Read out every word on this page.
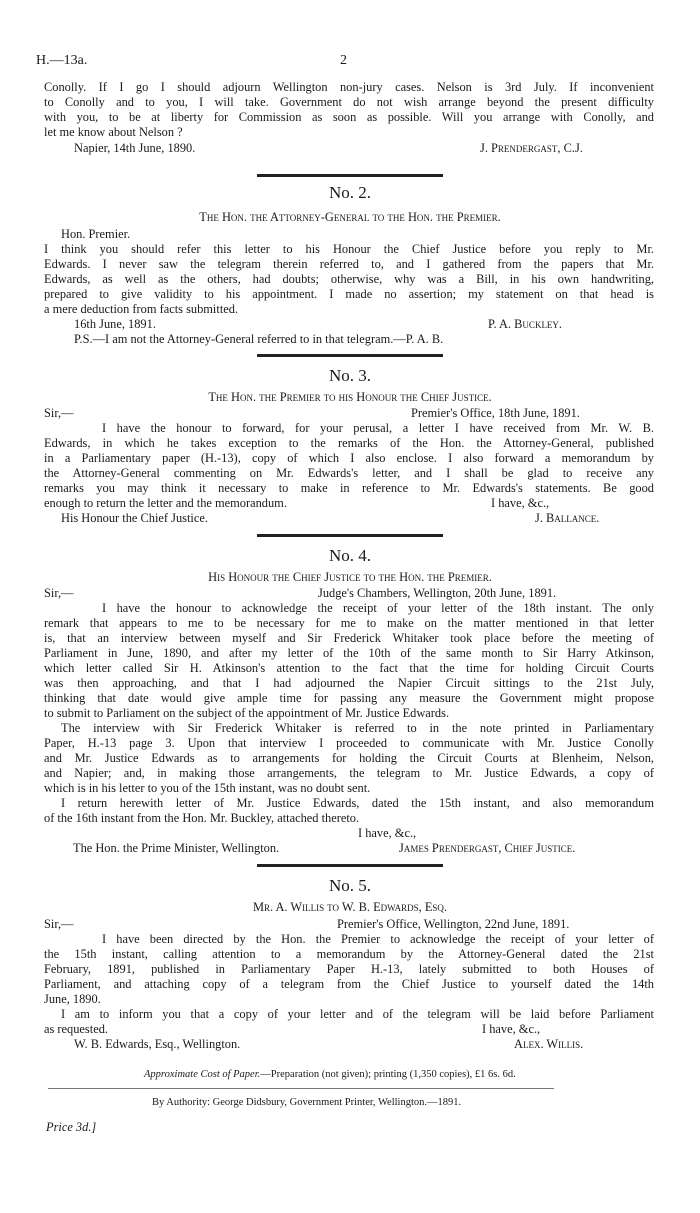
H.—13a.	2
Conolly. If I go I should adjourn Wellington non-jury cases. Nelson is 3rd July. If inconvenient
to Conolly and to you, I will take. Government do not wish arrange beyond the present difficulty
with you, to be at liberty for Commission as soon as possible. Will you arrange with Conolly, and
let me know about Nelson ?
Napier, 14th June, 1890.	J. Prendergast, C.J.
No. 2.
The Hon. the Attorney-General to the Hon. the Premier.
Hon. Premier.
I think you should refer this letter to his Honour the Chief Justice before you reply to Mr.
Edwards. I never saw the telegram therein referred to, and I gathered from the papers that Mr.
Edwards, as well as the others, had doubts; otherwise, why was a Bill, in his own handwriting,
prepared to give validity to his appointment. I made no assertion; my statement on that head is
a mere deduction from facts submitted.
16th June, 1891.	P. A. Buckley.
P.S.—I am not the Attorney-General referred to in that telegram.—P. A. B.
No. 3.
The Hon. the Premier to his Honour the Chief Justice.
Sir,—	Premier's Office, 18th June, 1891.
I have the honour to forward, for your perusal, a letter I have received from Mr. W. B.
Edwards, in which he takes exception to the remarks of the Hon. the Attorney-General, published
in a Parliamentary paper (H.-13), copy of which I also enclose. I also forward a memorandum by
the Attorney-General commenting on Mr. Edwards's letter, and I shall be glad to receive any
remarks you may think it necessary to make in reference to Mr. Edwards's statements. Be good
enough to return the letter and the memorandum.	I have, &c.,
His Honour the Chief Justice.	J. Ballance.
No. 4.
His Honour the Chief Justice to the Hon. the Premier.
Sir,—	Judge's Chambers, Wellington, 20th June, 1891.
I have the honour to acknowledge the receipt of your letter of the 18th instant. The only
remark that appears to me to be necessary for me to make on the matter mentioned in that letter
is, that an interview between myself and Sir Frederick Whitaker took place before the meeting of
Parliament in June, 1890, and after my letter of the 10th of the same month to Sir Harry Atkinson,
which letter called Sir H. Atkinson's attention to the fact that the time for holding Circuit Courts
was then approaching, and that I had adjourned the Napier Circuit sittings to the 21st July,
thinking that date would give ample time for passing any measure the Government might propose
to submit to Parliament on the subject of the appointment of Mr. Justice Edwards.
The interview with Sir Frederick Whitaker is referred to in the note printed in Parliamentary
Paper, H.-13 page 3. Upon that interview I proceeded to communicate with Mr. Justice Conolly
and Mr. Justice Edwards as to arrangements for holding the Circuit Courts at Blenheim, Nelson,
and Napier; and, in making those arrangements, the telegram to Mr. Justice Edwards, a copy of
which is in his letter to you of the 15th instant, was no doubt sent.
I return herewith letter of Mr. Justice Edwards, dated the 15th instant, and also memorandum
of the 16th instant from the Hon. Mr. Buckley, attached thereto.
I have, &c.,
The Hon. the Prime Minister, Wellington.	James Prendergast, Chief Justice.
No. 5.
Mr. A. Willis to W. B. Edwards, Esq.
Sir,—	Premier's Office, Wellington, 22nd June, 1891.
I have been directed by the Hon. the Premier to acknowledge the receipt of your letter of
the 15th instant, calling attention to a memorandum by the Attorney-General dated the 21st
February, 1891, published in Parliamentary Paper H.-13, lately submitted to both Houses of
Parliament, and attaching copy of a telegram from the Chief Justice to yourself dated the 14th
June, 1890.
I am to inform you that a copy of your letter and of the telegram will be laid before Parliament
as requested.	I have, &c.,
W. B. Edwards, Esq., Wellington.	Alex. Willis.
Approximate Cost of Paper.—Preparation (not given); printing (1,350 copies), £1 6s. 6d.
By Authority: George Didsbury, Government Printer, Wellington.—1891.
Price 3d.]
